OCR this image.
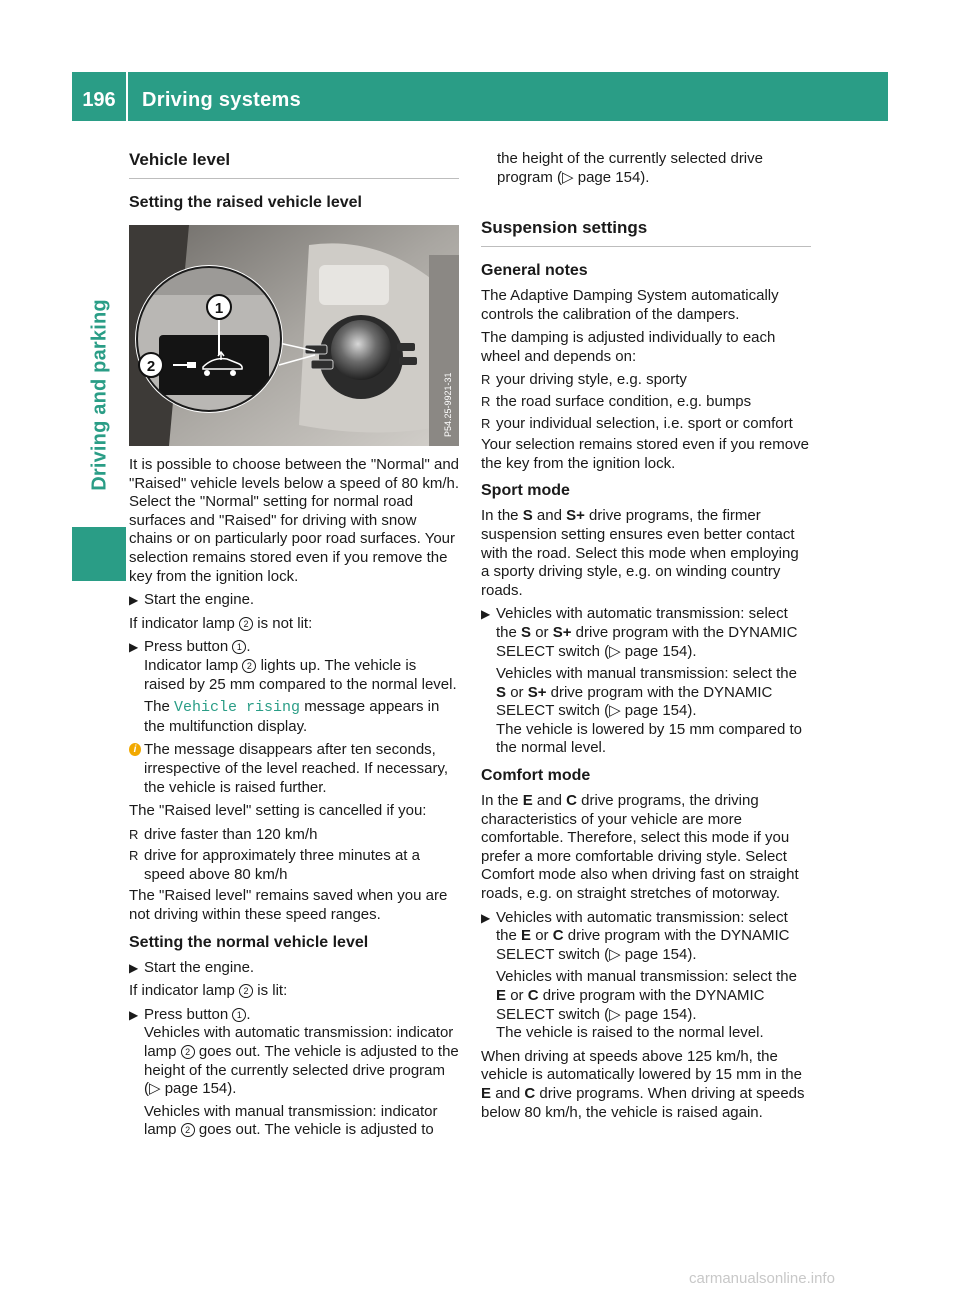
196	Driving systems
Driving and parking
Vehicle level
Setting the raised vehicle level
1
2
P54.25-9921-31

It is possible to choose between the "Normal" and "Raised" vehicle levels below a speed of 80 km/h. Select the "Normal" setting for normal road surfaces and "Raised" for driving with snow chains or on particularly poor road surfaces. Your selection remains stored even if you remove the key from the ignition lock.

▶ Start the engine.

If indicator lamp 2 is not lit:

▶ Press button 1 .
Indicator lamp 2 lights up. The vehicle is raised by 25 mm compared to the normal level.
The Vehicle rising message appears in the multifunction display.
i The message disappears after ten seconds, irrespective of the level reached. If necessary, the vehicle is raised further.

The "Raised level" setting is cancelled if you:

R drive faster than 120 km/h
R drive for approximately three minutes at a speed above 80 km/h

The "Raised level" remains saved when you are not driving within these speed ranges.

Setting the normal vehicle level
▶ Start the engine.

If indicator lamp 2 is lit:

▶ Press button 1 .
Vehicles with automatic transmission: indicator lamp 2 goes out. The vehicle is adjusted to the height of the currently selected drive program (▷ page 154).
Vehicles with manual transmission: indicator lamp 2 goes out. The vehicle is adjusted to

the height of the currently selected drive program (▷ page 154).

Suspension settings
General notes

The Adaptive Damping System automatically controls the calibration of the dampers.

The damping is adjusted individually to each wheel and depends on:

R your driving style, e.g. sporty
R the road surface condition, e.g. bumps
R your individual selection, i.e. sport or comfort

Your selection remains stored even if you remove the key from the ignition lock.

Sport mode

In the S and S+ drive programs, the firmer suspension setting ensures even better contact with the road. Select this mode when employing a sporty driving style, e.g. on winding country roads.

▶ Vehicles with automatic transmission: select the S or S+ drive program with the DYNAMIC SELECT switch (▷ page 154).
Vehicles with manual transmission: select the S or S+ drive program with the DYNAMIC SELECT switch (▷ page 154).
The vehicle is lowered by 15 mm compared to the normal level.
Comfort mode

In the E and C drive programs, the driving characteristics of your vehicle are more comfortable. Therefore, select this mode if you prefer a more comfortable driving style. Select Comfort mode also when driving fast on straight roads, e.g. on straight stretches of motorway.

▶ Vehicles with automatic transmission: select the E or C drive program with the DYNAMIC SELECT switch (▷ page 154).
Vehicles with manual transmission: select the E or C drive program with the DYNAMIC SELECT switch (▷ page 154).
The vehicle is raised to the normal level.

When driving at speeds above 125 km/h, the vehicle is automatically lowered by 15 mm in the E and C drive programs. When driving at speeds below 80 km/h, the vehicle is raised again.

carmanualsonline.info
